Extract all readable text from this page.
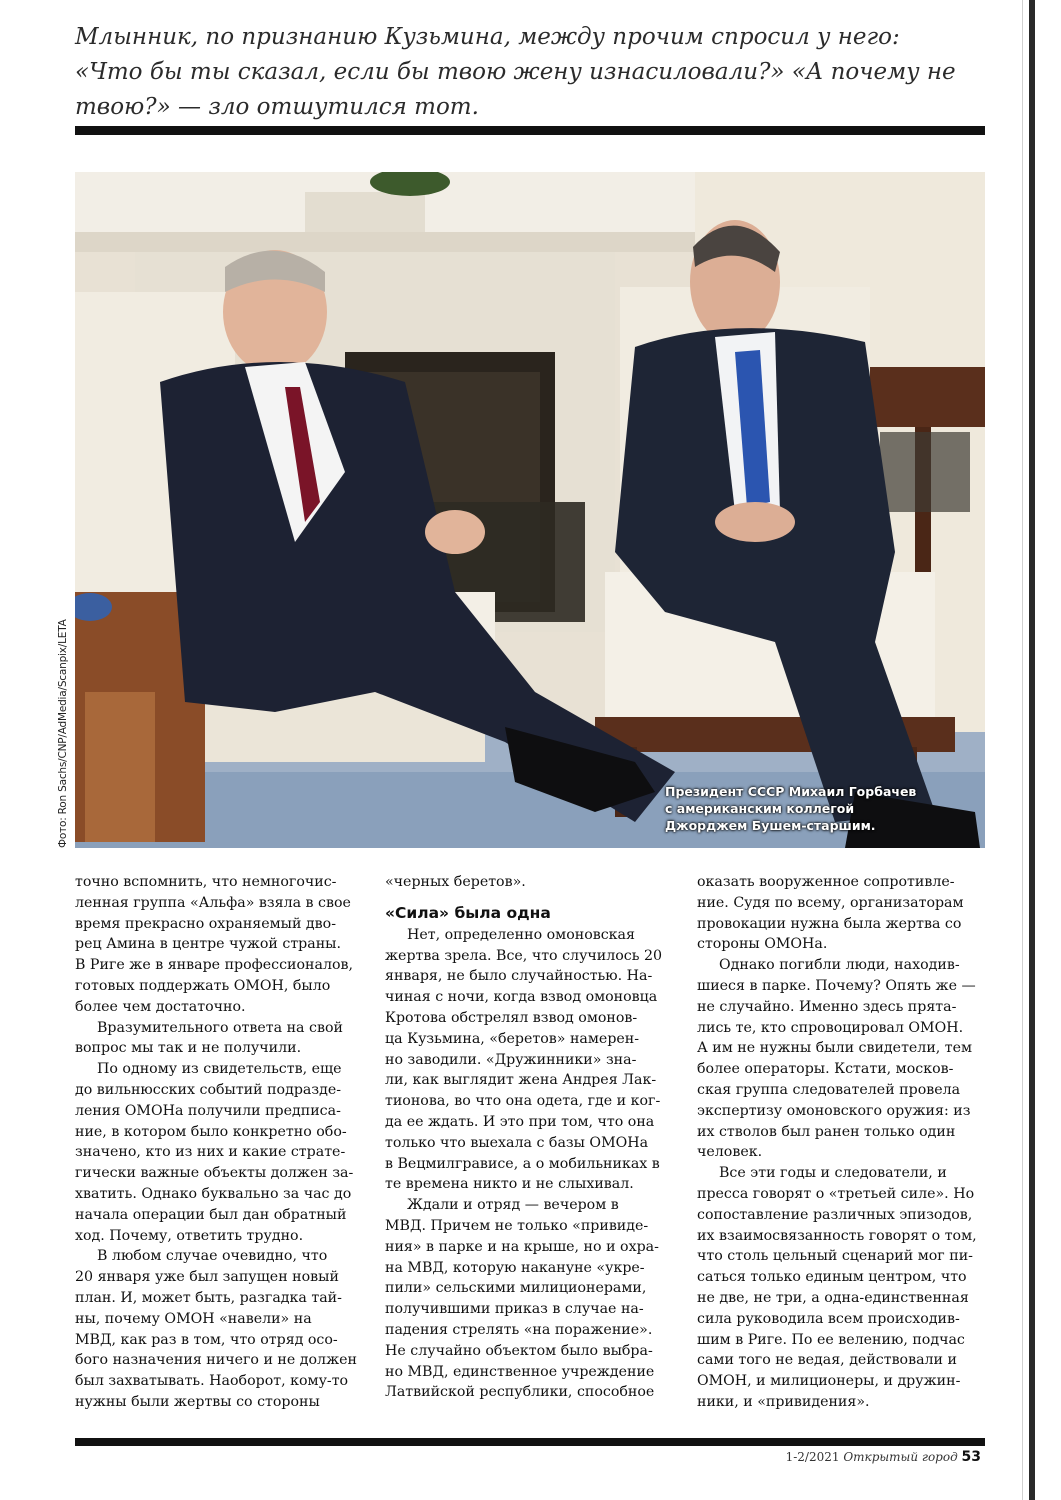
Млынник, по признанию Кузьмина, между прочим спросил у него:
«Что бы ты сказал, если бы твою жену изнасиловали?» «А почему не
твою?» — зло отшутился тот.
Президент СССР Михаил Горбачев
с американским коллегой
Джорджем Бушем-старшим.
Фото: Ron Sachs/CNP/AdMedia/Scanpix/LETA
точно вспомнить, что немногочис-
ленная группа «Альфа» взяла в свое
время прекрасно охраняемый дво-
рец Амина в центре чужой страны.
В Риге же в январе профессионалов,
готовых поддержать ОМОН, было
более чем достаточно.
Вразумительного ответа на свой
вопрос мы так и не получили.
По одному из свидетельств, еще
до вильнюсских событий подразде-
ления ОМОНа получили предписа-
ние, в котором было конкретно обо-
значено, кто из них и какие страте-
гически важные объекты должен за-
хватить. Однако буквально за час до
начала операции был дан обратный
ход. Почему, ответить трудно.
В любом случае очевидно, что
20 января уже был запущен новый
план. И, может быть, разгадка тай-
ны, почему ОМОН «навели» на
МВД, как раз в том, что отряд осо-
бого назначения ничего и не должен
был захватывать. Наоборот, кому-то
нужны были жертвы со стороны
«черных беретов».
«Сила» была одна
Нет, определенно омоновская
жертва зрела. Все, что случилось 20
января, не было случайностью. На-
чиная с ночи, когда взвод омоновца
Кротова обстрелял взвод омонов-
ца Кузьмина, «беретов» намерен-
но заводили. «Дружинники» зна-
ли, как выглядит жена Андрея Лак-
тионова, во что она одета, где и ког-
да ее ждать. И это при том, что она
только что выехала с базы ОМОНа
в Вецмилгрависе, а о мобильниках в
те времена никто и не слыхивал.
Ждали и отряд — вечером в
МВД. Причем не только «привиде-
ния» в парке и на крыше, но и охра-
на МВД, которую накануне «укре-
пили» сельскими милиционерами,
получившими приказ в случае на-
падения стрелять «на поражение».
Не случайно объектом было выбра-
но МВД, единственное учреждение
Латвийской республики, способное
оказать вооруженное сопротивле-
ние. Судя по всему, организаторам
провокации нужна была жертва со
стороны ОМОНа.
Однако погибли люди, находив-
шиеся в парке. Почему? Опять же —
не случайно. Именно здесь прята-
лись те, кто спровоцировал ОМОН.
А им не нужны были свидетели, тем
более операторы. Кстати, москов-
ская группа следователей провела
экспертизу омоновского оружия: из
их стволов был ранен только один
человек.
Все эти годы и следователи, и
пресса говорят о «третьей силе». Но
сопоставление различных эпизодов,
их взаимосвязанность говорят о том,
что столь цельный сценарий мог пи-
саться только единым центром, что
не две, не три, а одна-единственная
сила руководила всем происходив-
шим в Риге. По ее велению, подчас
сами того не ведая, действовали и
ОМОН, и милиционеры, и дружин-
ники, и «привидения».
1-2/2021 Открытый город 53
